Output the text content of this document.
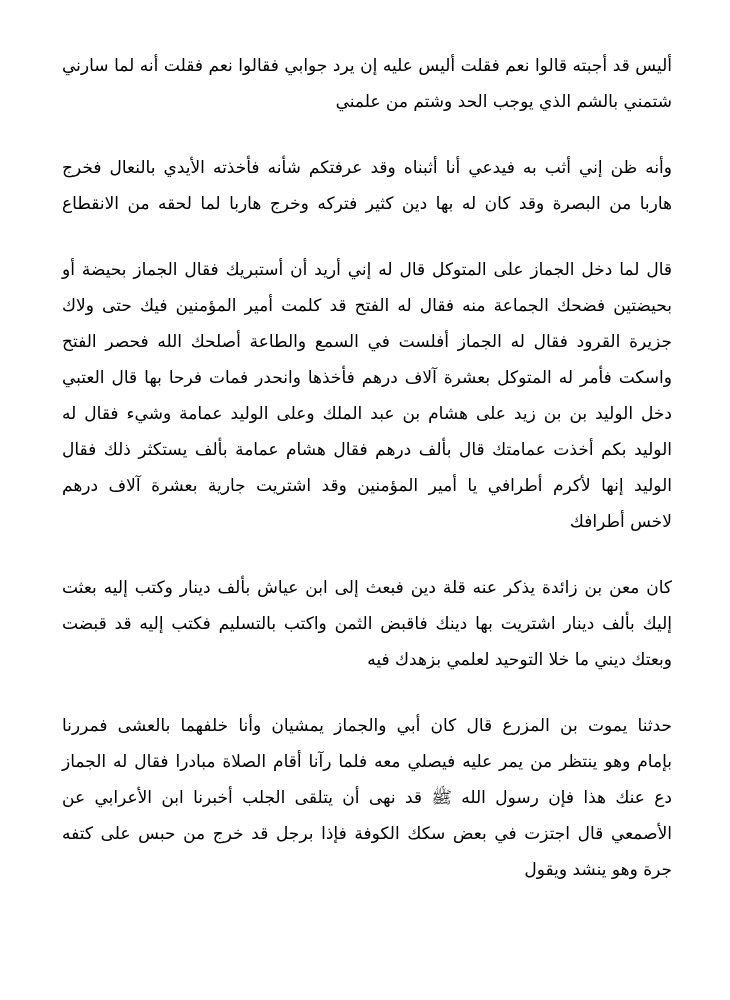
أليس قد أجبته قالوا نعم فقلت أليس عليه إن يرد جوابي فقالوا نعم فقلت أنه لما سارني
شتمني بالشم الذي يوجب الحد وشتم من علمني
وأنه ظن إني أثب به فيدعي أنا أثبناه وقد عرفتكم شأنه فأخذته الأيدي بالنعال فخرج
هاربا من البصرة وقد كان له بها دين كثير فتركه وخرج هاربا لما لحقه من الانقطاع
قال لما دخل الجماز على المتوكل قال له إني أريد أن أستبريك فقال الجماز بحيضة أو
بحيضتين فضحك الجماعة منه فقال له الفتح قد كلمت أمير المؤمنين فيك حتى ولاك
جزيرة القرود فقال له الجماز أفلست في السمع والطاعة أصلحك الله فحصر الفتح
واسكت فأمر له المتوكل بعشرة آلاف درهم فأخذها وانحدر فمات فرحا بها قال العتبي
دخل الوليد بن بن زيد على هشام بن عبد الملك وعلى الوليد عمامة وشيء فقال له
الوليد بكم أخذت عمامتك قال بألف درهم فقال هشام عمامة بألف يستكثر ذلك فقال
الوليد إنها لأكرم أطرافي يا أمير المؤمنين وقد اشتريت جارية بعشرة آلاف درهم
لاخس أطرافك
كان معن بن زائدة يذكر عنه قلة دين فبعث إلى ابن عياش بألف دينار وكتب إليه بعثت
إليك بألف دينار اشتريت بها دينك فاقبض الثمن واكتب بالتسليم فكتب إليه قد قبضت
وبعتك ديني ما خلا التوحيد لعلمي بزهدك فيه
حدثنا يموت بن المزرع قال كان أبي والجماز يمشيان وأنا خلفهما بالعشى فمررنا
بإمام وهو ينتظر من يمر عليه فيصلي معه فلما رآنا أقام الصلاة مبادرا فقال له الجماز
دع عنك هذا فإن رسول الله ﷺ قد نهى أن يتلقى الجلب أخبرنا ابن الأعرابي عن
الأصمعي قال اجتزت في بعض سكك الكوفة فإذا برجل قد خرج من حبس على كتفه
جرة وهو ينشد ويقول
